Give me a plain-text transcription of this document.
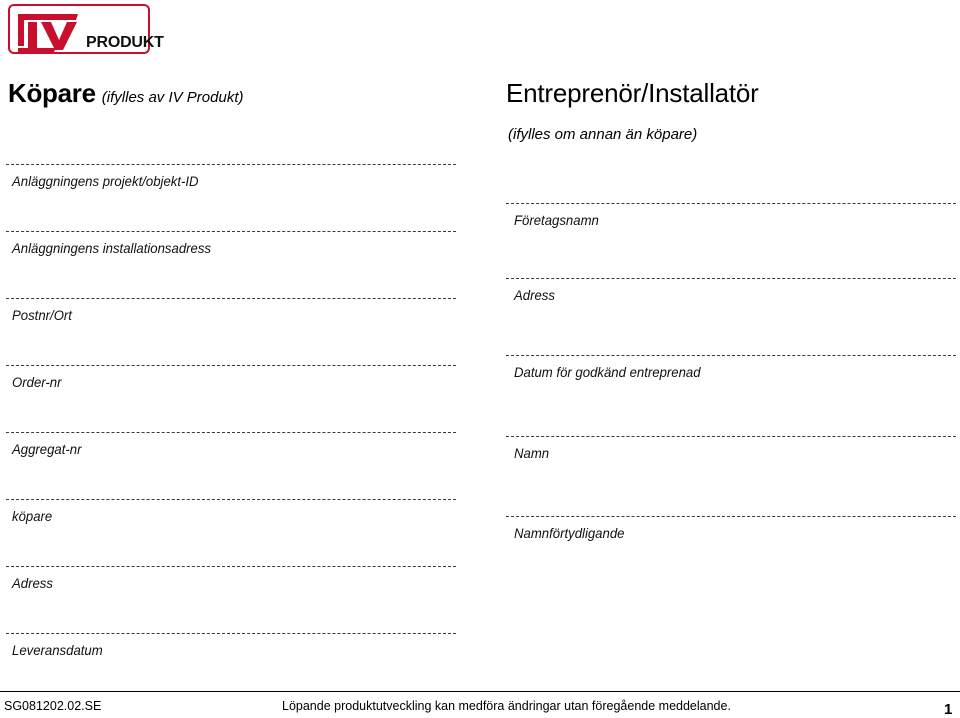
PRODUKT
Köpare (ifylles av IV Produkt)	Entreprenör/Installatör
(ifylles om annan än köpare)
Anläggningens projekt/objekt-ID
Anläggningens installationsadress
Postnr/Ort
Order-nr
Aggregat-nr
köpare
Adress
Leveransdatum
Företagsnamn
Adress
Datum för godkänd entreprenad
Namn
Namnförtydligande
SG081202.02.SE	Löpande produktutveckling kan medföra ändringar utan föregående meddelande.	1
